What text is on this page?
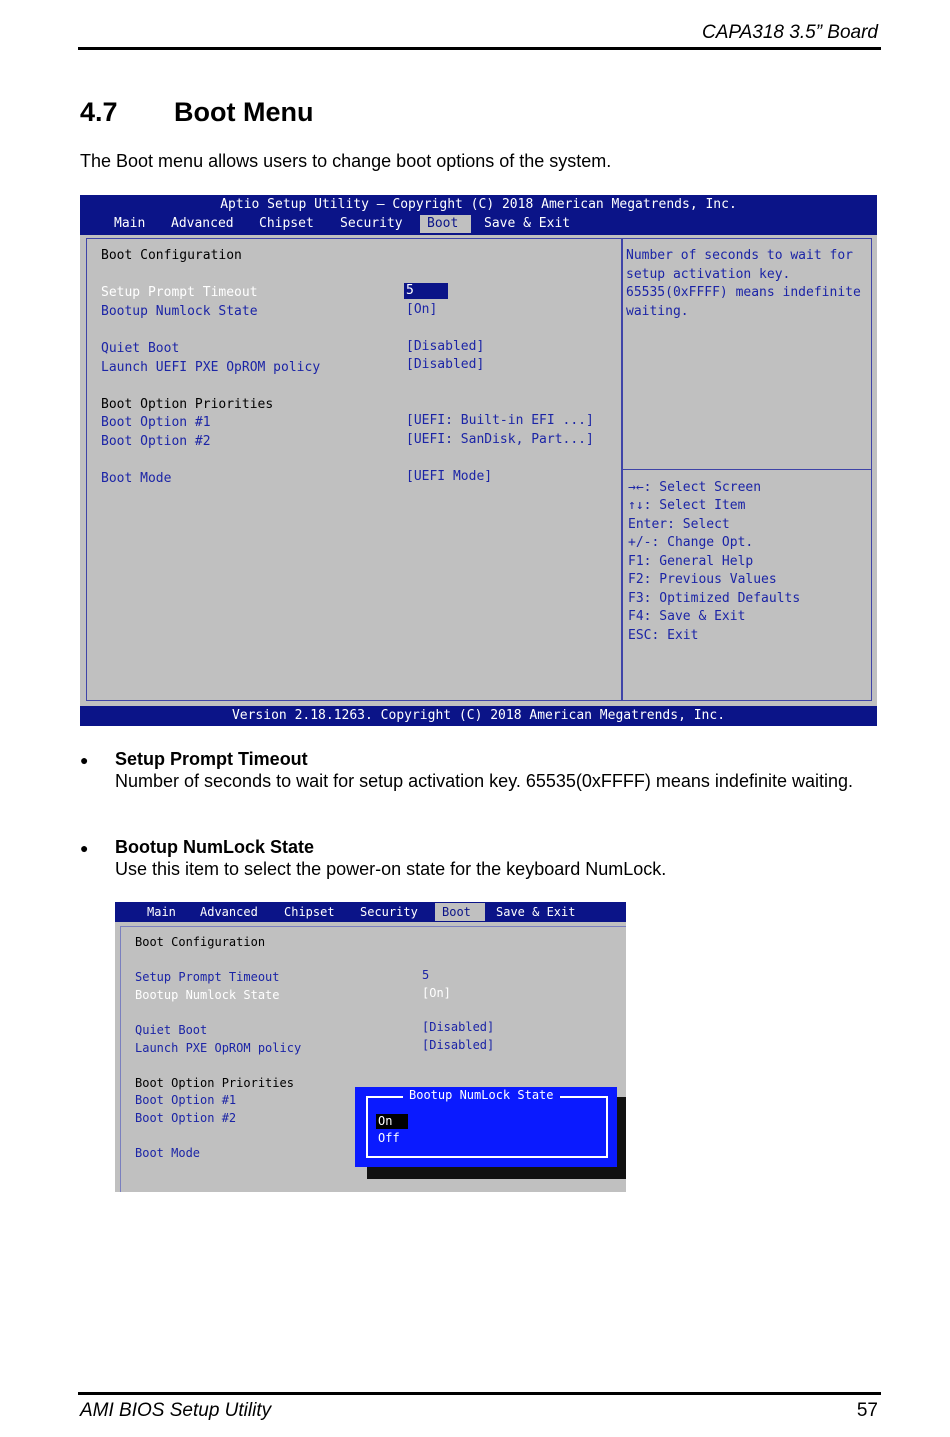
CAPA318 3.5” Board
4.7 Boot Menu
The Boot menu allows users to change boot options of the system.
Aptio Setup Utility – Copyright (C) 2018 American Megatrends, Inc.
Main	Advanced	Chipset	Security	Boot	Save & Exit
Boot Configuration
Setup Prompt Timeout	5
Bootup Numlock State	[On]
Quiet Boot	[Disabled]
Launch UEFI PXE OpROM policy	[Disabled]
Boot Option Priorities
Boot Option #1	[UEFI: Built-in EFI ...]
Boot Option #2	[UEFI: SanDisk, Part...]
Boot Mode	[UEFI Mode]
Number of seconds to wait for
setup activation key.
65535(0xFFFF) means indefinite
waiting.
→←: Select Screen
↑↓: Select Item
Enter: Select
+/-: Change Opt.
F1: General Help
F2: Previous Values
F3: Optimized Defaults
F4: Save & Exit
ESC: Exit
Version 2.18.1263. Copyright (C) 2018 American Megatrends, Inc.
● Setup Prompt Timeout
Number of seconds to wait for setup activation key. 65535(0xFFFF) means indefinite waiting.
● Bootup NumLock State
Use this item to select the power-on state for the keyboard NumLock.
Main	Advanced	Chipset	Security	Boot	Save & Exit
Boot Configuration
Setup Prompt Timeout	5
Bootup Numlock State	[On]
Quiet Boot	[Disabled]
Launch PXE OpROM policy	[Disabled]
Boot Option Priorities
Boot Option #1
Boot Option #2
Boot Mode
Bootup NumLock State
On
Off
AMI BIOS Setup Utility	57
